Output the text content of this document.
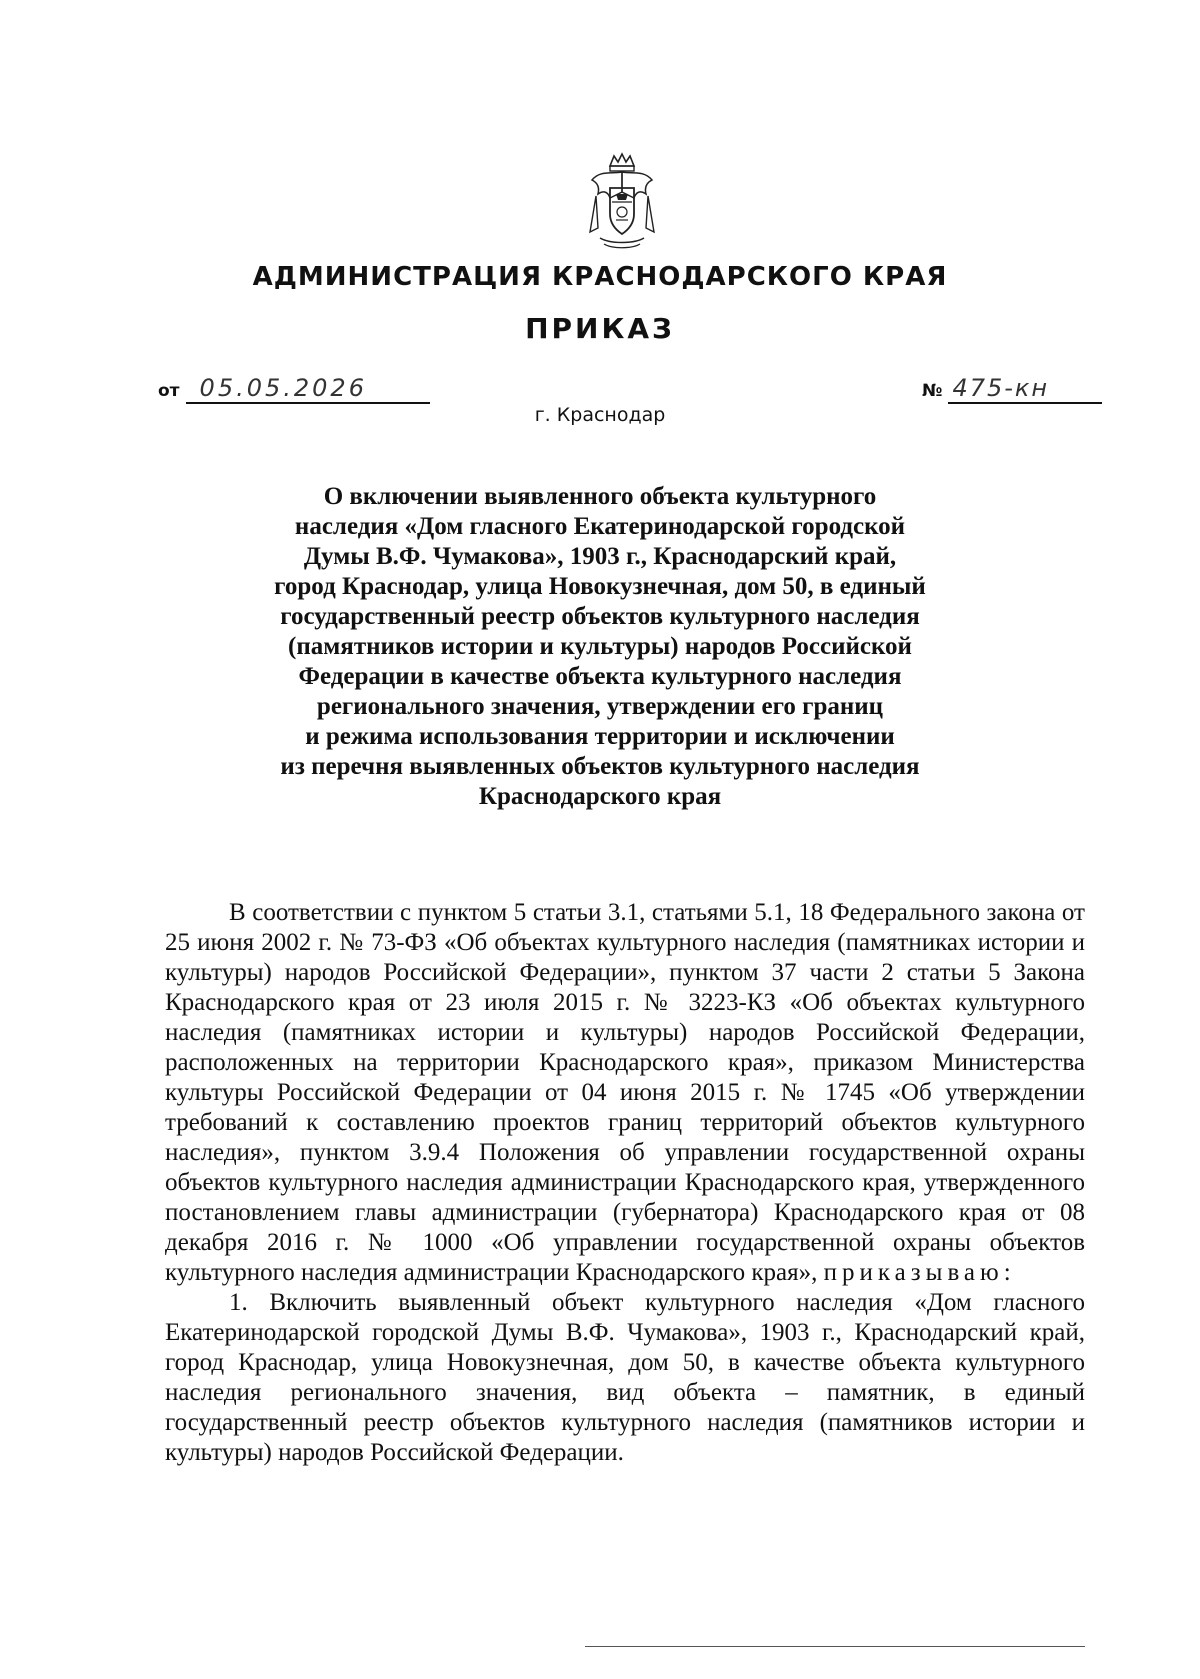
АДМИНИСТРАЦИЯ КРАСНОДАРСКОГО КРАЯ
ПРИКАЗ
от 05.05.2026	№ 475-кн
г. Краснодар
О включении выявленного объекта культурного
наследия «Дом гласного Екатеринодарской городской
Думы В.Ф. Чумакова», 1903 г., Краснодарский край,
город Краснодар, улица Новокузнечная, дом 50, в единый
государственный реестр объектов культурного наследия
(памятников истории и культуры) народов Российской
Федерации в качестве объекта культурного наследия
регионального значения, утверждении его границ
и режима использования территории и исключении
из перечня выявленных объектов культурного наследия
Краснодарского края

В соответствии с пунктом 5 статьи 3.1, статьями 5.1, 18 Федерального закона от 25 июня 2002 г. № 73-ФЗ «Об объектах культурного наследия (памятниках истории и культуры) народов Российской Федерации», пунктом 37 части 2 статьи 5 Закона Краснодарского края от 23 июля 2015 г. № 3223-КЗ «Об объектах культурного наследия (памятниках истории и культуры) народов Российской Федерации, расположенных на территории Краснодарского края», приказом Министерства культуры Российской Федерации от 04 июня 2015 г. № 1745 «Об утверждении требований к составлению проектов границ территорий объектов культурного наследия», пунктом 3.9.4 Положения об управлении государственной охраны объектов культурного наследия администрации Краснодарского края, утвержденного постановлением главы администрации (губернатора) Краснодарского края от 08 декабря 2016 г. № 1000 «Об управлении государственной охраны объектов культурного наследия администрации Краснодарского края», приказываю:

1. Включить выявленный объект культурного наследия «Дом гласного Екатеринодарской городской Думы В.Ф. Чумакова», 1903 г., Краснодарский край, город Краснодар, улица Новокузнечная, дом 50, в качестве объекта культурного наследия регионального значения, вид объекта – памятник, в единый государственный реестр объектов культурного наследия (памятников истории и культуры) народов Российской Федерации.
